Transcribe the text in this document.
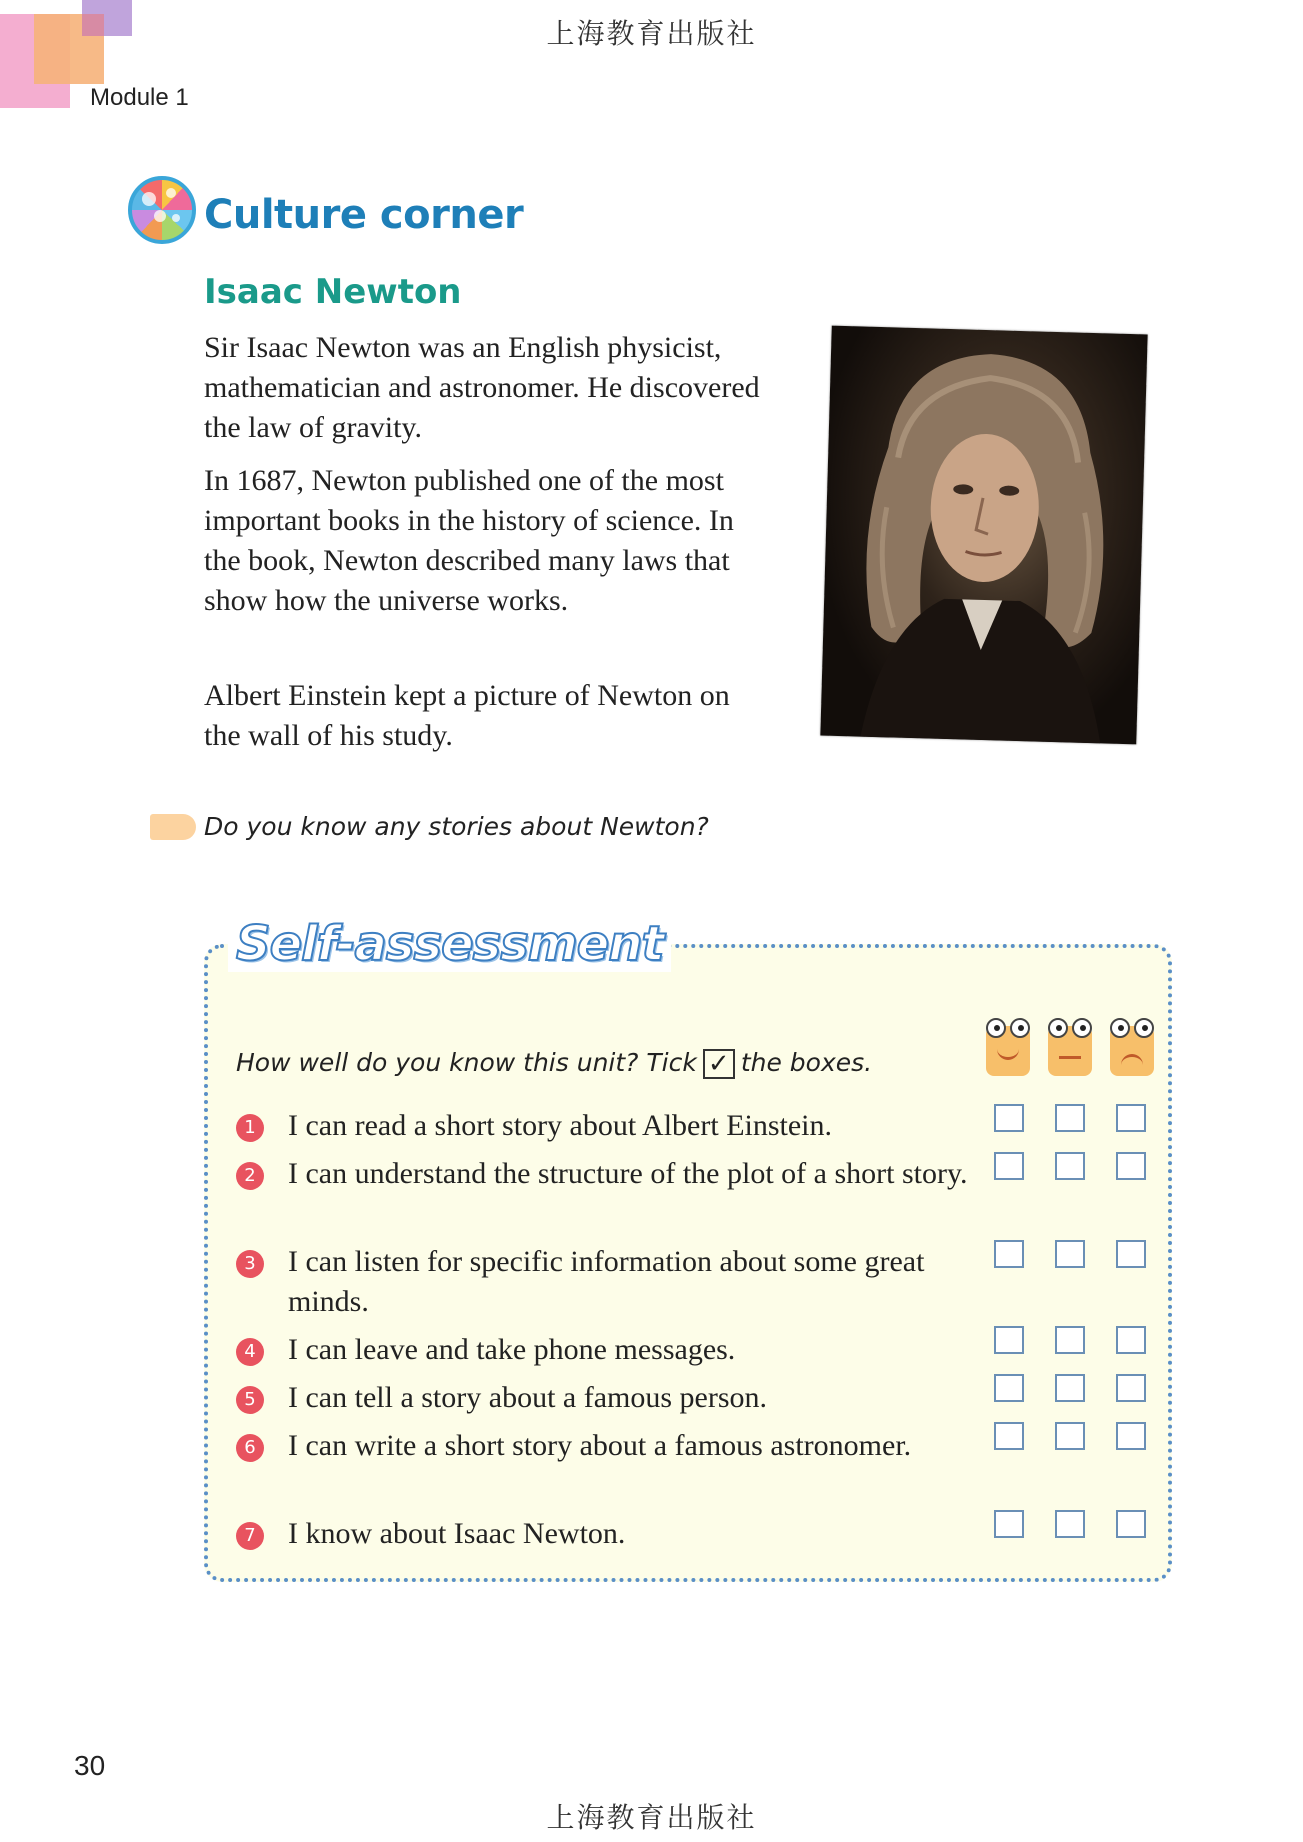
上海教育出版社
Module 1
Culture corner
Isaac Newton

Sir Isaac Newton was an English physicist, mathematician and astronomer. He discovered the law of gravity.

In 1687, Newton published one of the most important books in the history of science. In the book, Newton described many laws that show how the universe works.

Albert Einstein kept a picture of Newton on the wall of his study.

Do you know any stories about Newton?
Self-assessment
How well do you know this unit? Tick ✓ the boxes.
1 I can read a short story about Albert Einstein.
2 I can understand the structure of the plot of a short story.
3 I can listen for specific information about some great minds.
4 I can leave and take phone messages.
5 I can tell a story about a famous person.
6 I can write a short story about a famous astronomer.
7 I know about Isaac Newton.
30
上海教育出版社
